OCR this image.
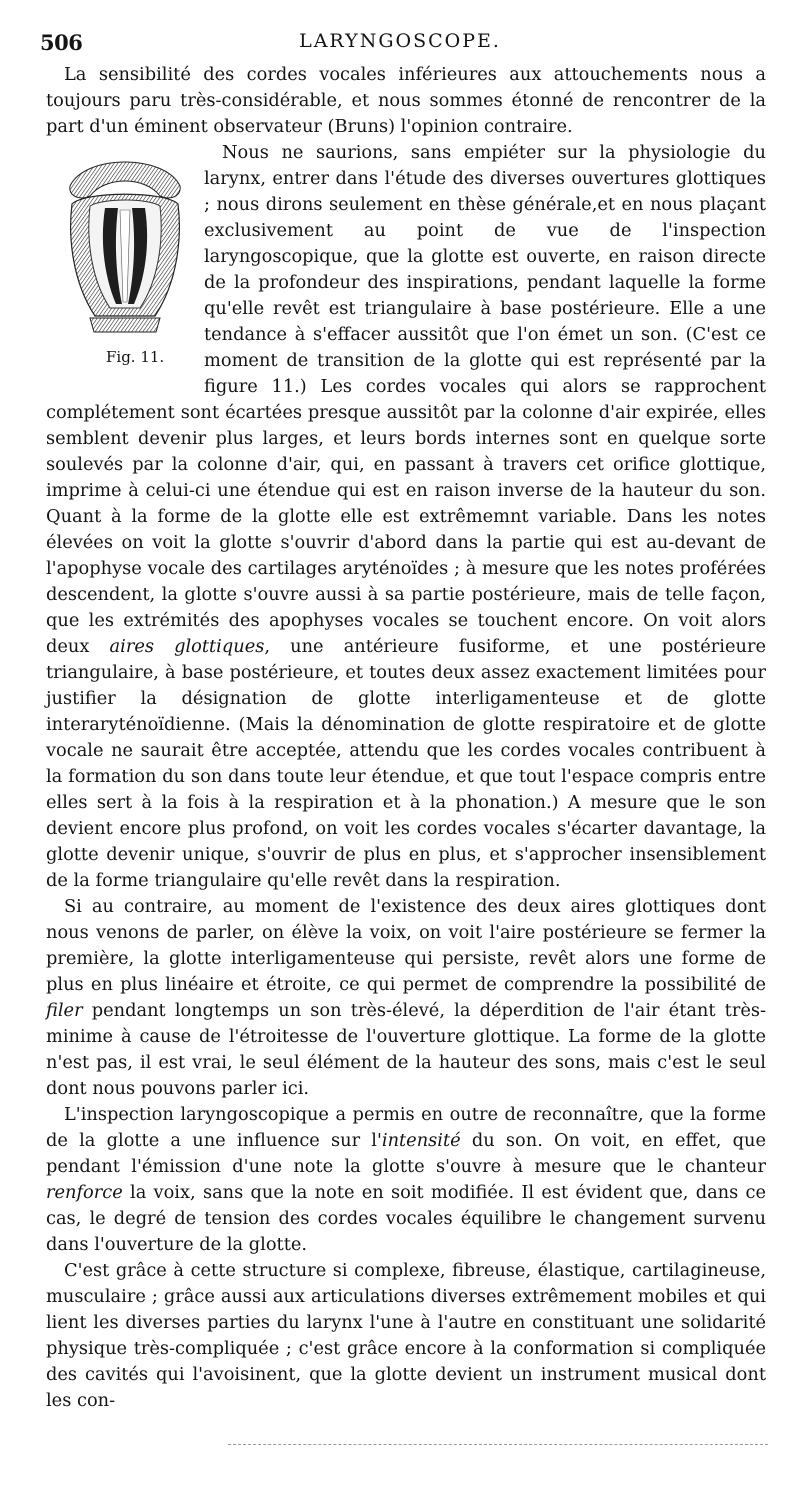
506	LARYNGOSCOPE.

La sensibilité des cordes vocales inférieures aux attouchements nous a toujours paru très-considérable, et nous sommes étonné de rencontrer de la part d'un éminent observateur (Bruns) l'opinion contraire.

Fig. 11.
Nous ne saurions, sans empiéter sur la physiologie du larynx, entrer dans l'étude des diverses ouvertures glottiques ; nous dirons seulement en thèse générale,et en nous plaçant exclusivement au point de vue de l'inspection laryngoscopique, que la glotte est ouverte, en raison directe de la profondeur des inspirations, pendant laquelle la forme qu'elle revêt est triangulaire à base postérieure. Elle a une tendance à s'effacer aussitôt que l'on émet un son. (C'est ce moment de transition de la glotte qui est représenté par la figure 11.) Les cordes vocales qui alors se rapprochent complétement sont écartées presque aussitôt par la colonne d'air expirée, elles semblent devenir plus larges, et leurs bords internes sont en quelque sorte soulevés par la colonne d'air, qui, en passant à travers cet orifice glottique, imprime à celui-ci une étendue qui est en raison inverse de la hauteur du son. Quant à la forme de la glotte elle est extrêmemnt variable. Dans les notes élevées on voit la glotte s'ouvrir d'abord dans la partie qui est au-devant de l'apophyse vocale des cartilages aryténoïdes ; à mesure que les notes proférées descendent, la glotte s'ouvre aussi à sa partie postérieure, mais de telle façon, que les extrémités des apophyses vocales se touchent encore. On voit alors deux aires glottiques, une antérieure fusiforme, et une postérieure triangulaire, à base postérieure, et toutes deux assez exactement limitées pour justifier la désignation de glotte interligamenteuse et de glotte interaryténoïdienne. (Mais la dénomination de glotte respiratoire et de glotte vocale ne saurait être acceptée, attendu que les cordes vocales contribuent à la formation du son dans toute leur étendue, et que tout l'espace compris entre elles sert à la fois à la respiration et à la phonation.) A mesure que le son devient encore plus profond, on voit les cordes vocales s'écarter davantage, la glotte devenir unique, s'ouvrir de plus en plus, et s'approcher insensiblement de la forme triangulaire qu'elle revêt dans la respiration.

Si au contraire, au moment de l'existence des deux aires glottiques dont nous venons de parler, on élève la voix, on voit l'aire postérieure se fermer la première, la glotte interligamenteuse qui persiste, revêt alors une forme de plus en plus linéaire et étroite, ce qui permet de comprendre la possibilité de filer pendant longtemps un son très-élevé, la déperdition de l'air étant très-minime à cause de l'étroitesse de l'ouverture glottique. La forme de la glotte n'est pas, il est vrai, le seul élément de la hauteur des sons, mais c'est le seul dont nous pouvons parler ici.

L'inspection laryngoscopique a permis en outre de reconnaître, que la forme de la glotte a une influence sur l'intensité du son. On voit, en effet, que pendant l'émission d'une note la glotte s'ouvre à mesure que le chanteur renforce la voix, sans que la note en soit modifiée. Il est évident que, dans ce cas, le degré de tension des cordes vocales équilibre le changement survenu dans l'ouverture de la glotte.

C'est grâce à cette structure si complexe, fibreuse, élastique, cartilagineuse, musculaire ; grâce aussi aux articulations diverses extrêmement mobiles et qui lient les diverses parties du larynx l'une à l'autre en constituant une solidarité physique très-compliquée ; c'est grâce encore à la conformation si compliquée des cavités qui l'avoisinent, que la glotte devient un instrument musical dont les con-
